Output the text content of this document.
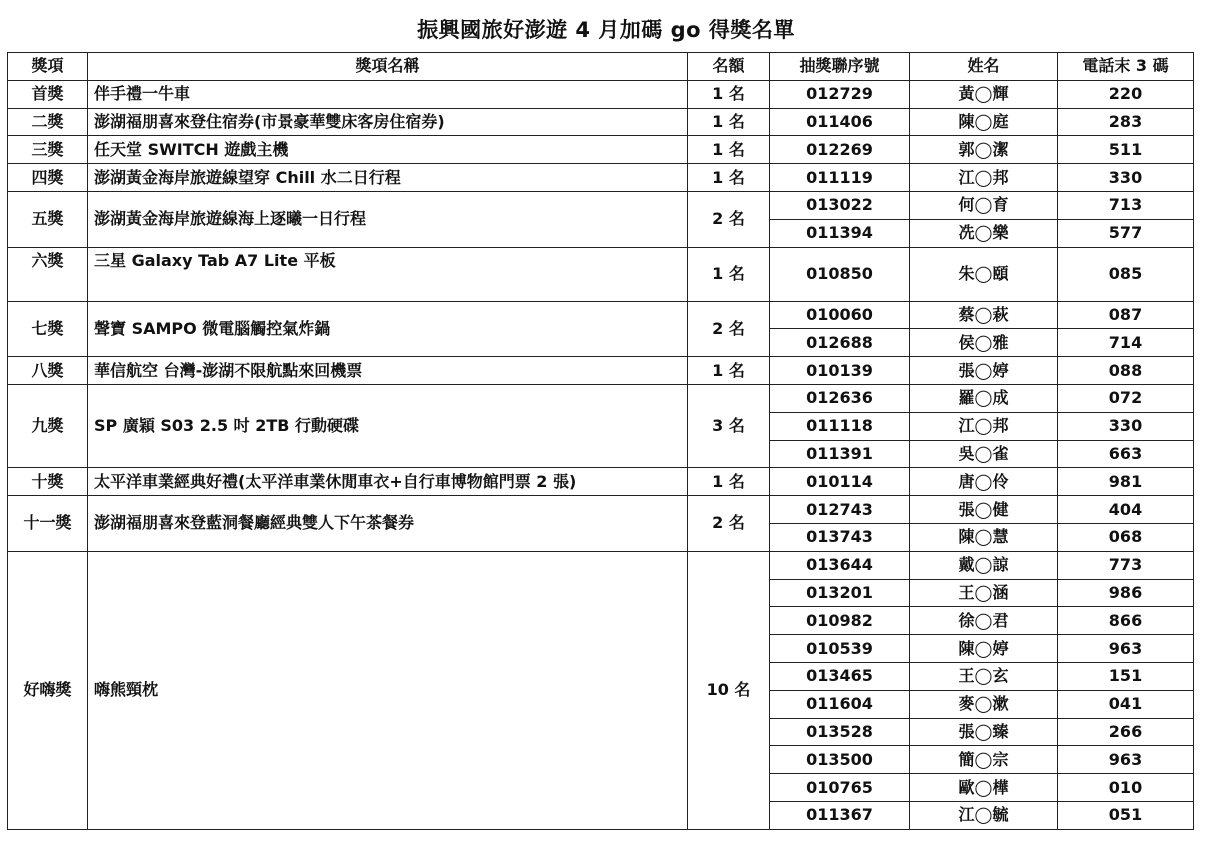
振興國旅好澎遊 4 月加碼 go 得獎名單
獎項	獎項名稱	名額	抽獎聯序號	姓名	電話末 3 碼
首獎	伴手禮一牛車	1 名	012729	黃◯輝	220
二獎	澎湖福朋喜來登住宿券(市景豪華雙床客房住宿券)	1 名	011406	陳◯庭	283
三獎	任天堂 SWITCH 遊戲主機	1 名	012269	郭◯潔	511
四獎	澎湖黃金海岸旅遊線望穿 Chill 水二日行程	1 名	011119	江◯邦	330
五獎	澎湖黃金海岸旅遊線海上逐曦一日行程	2 名	013022	何◯育	713
			011394	冼◯樂	577
六獎	三星 Galaxy Tab A7 Lite 平板	1 名	010850	朱◯頤	085
七獎	聲寶 SAMPO 微電腦觸控氣炸鍋	2 名	010060	蔡◯萩	087
			012688	侯◯雅	714
八獎	華信航空 台灣-澎湖不限航點來回機票	1 名	010139	張◯婷	088
九獎	SP 廣穎 S03 2.5 吋 2TB 行動硬碟	3 名	012636	羅◯成	072
			011118	江◯邦	330
			011391	吳◯雀	663
十獎	太平洋車業經典好禮(太平洋車業休閒車衣+自行車博物館門票 2 張)	1 名	010114	唐◯伶	981
十一獎	澎湖福朋喜來登藍洞餐廳經典雙人下午茶餐券	2 名	012743	張◯健	404
			013743	陳◯慧	068
好嗨獎	嗨熊頸枕	10 名	013644	戴◯諒	773
			013201	王◯涵	986
			010982	徐◯君	866
			010539	陳◯婷	963
			013465	王◯玄	151
			011604	麥◯漱	041
			013528	張◯臻	266
			013500	簡◯宗	963
			010765	歐◯樺	010
			011367	江◯毓	051
